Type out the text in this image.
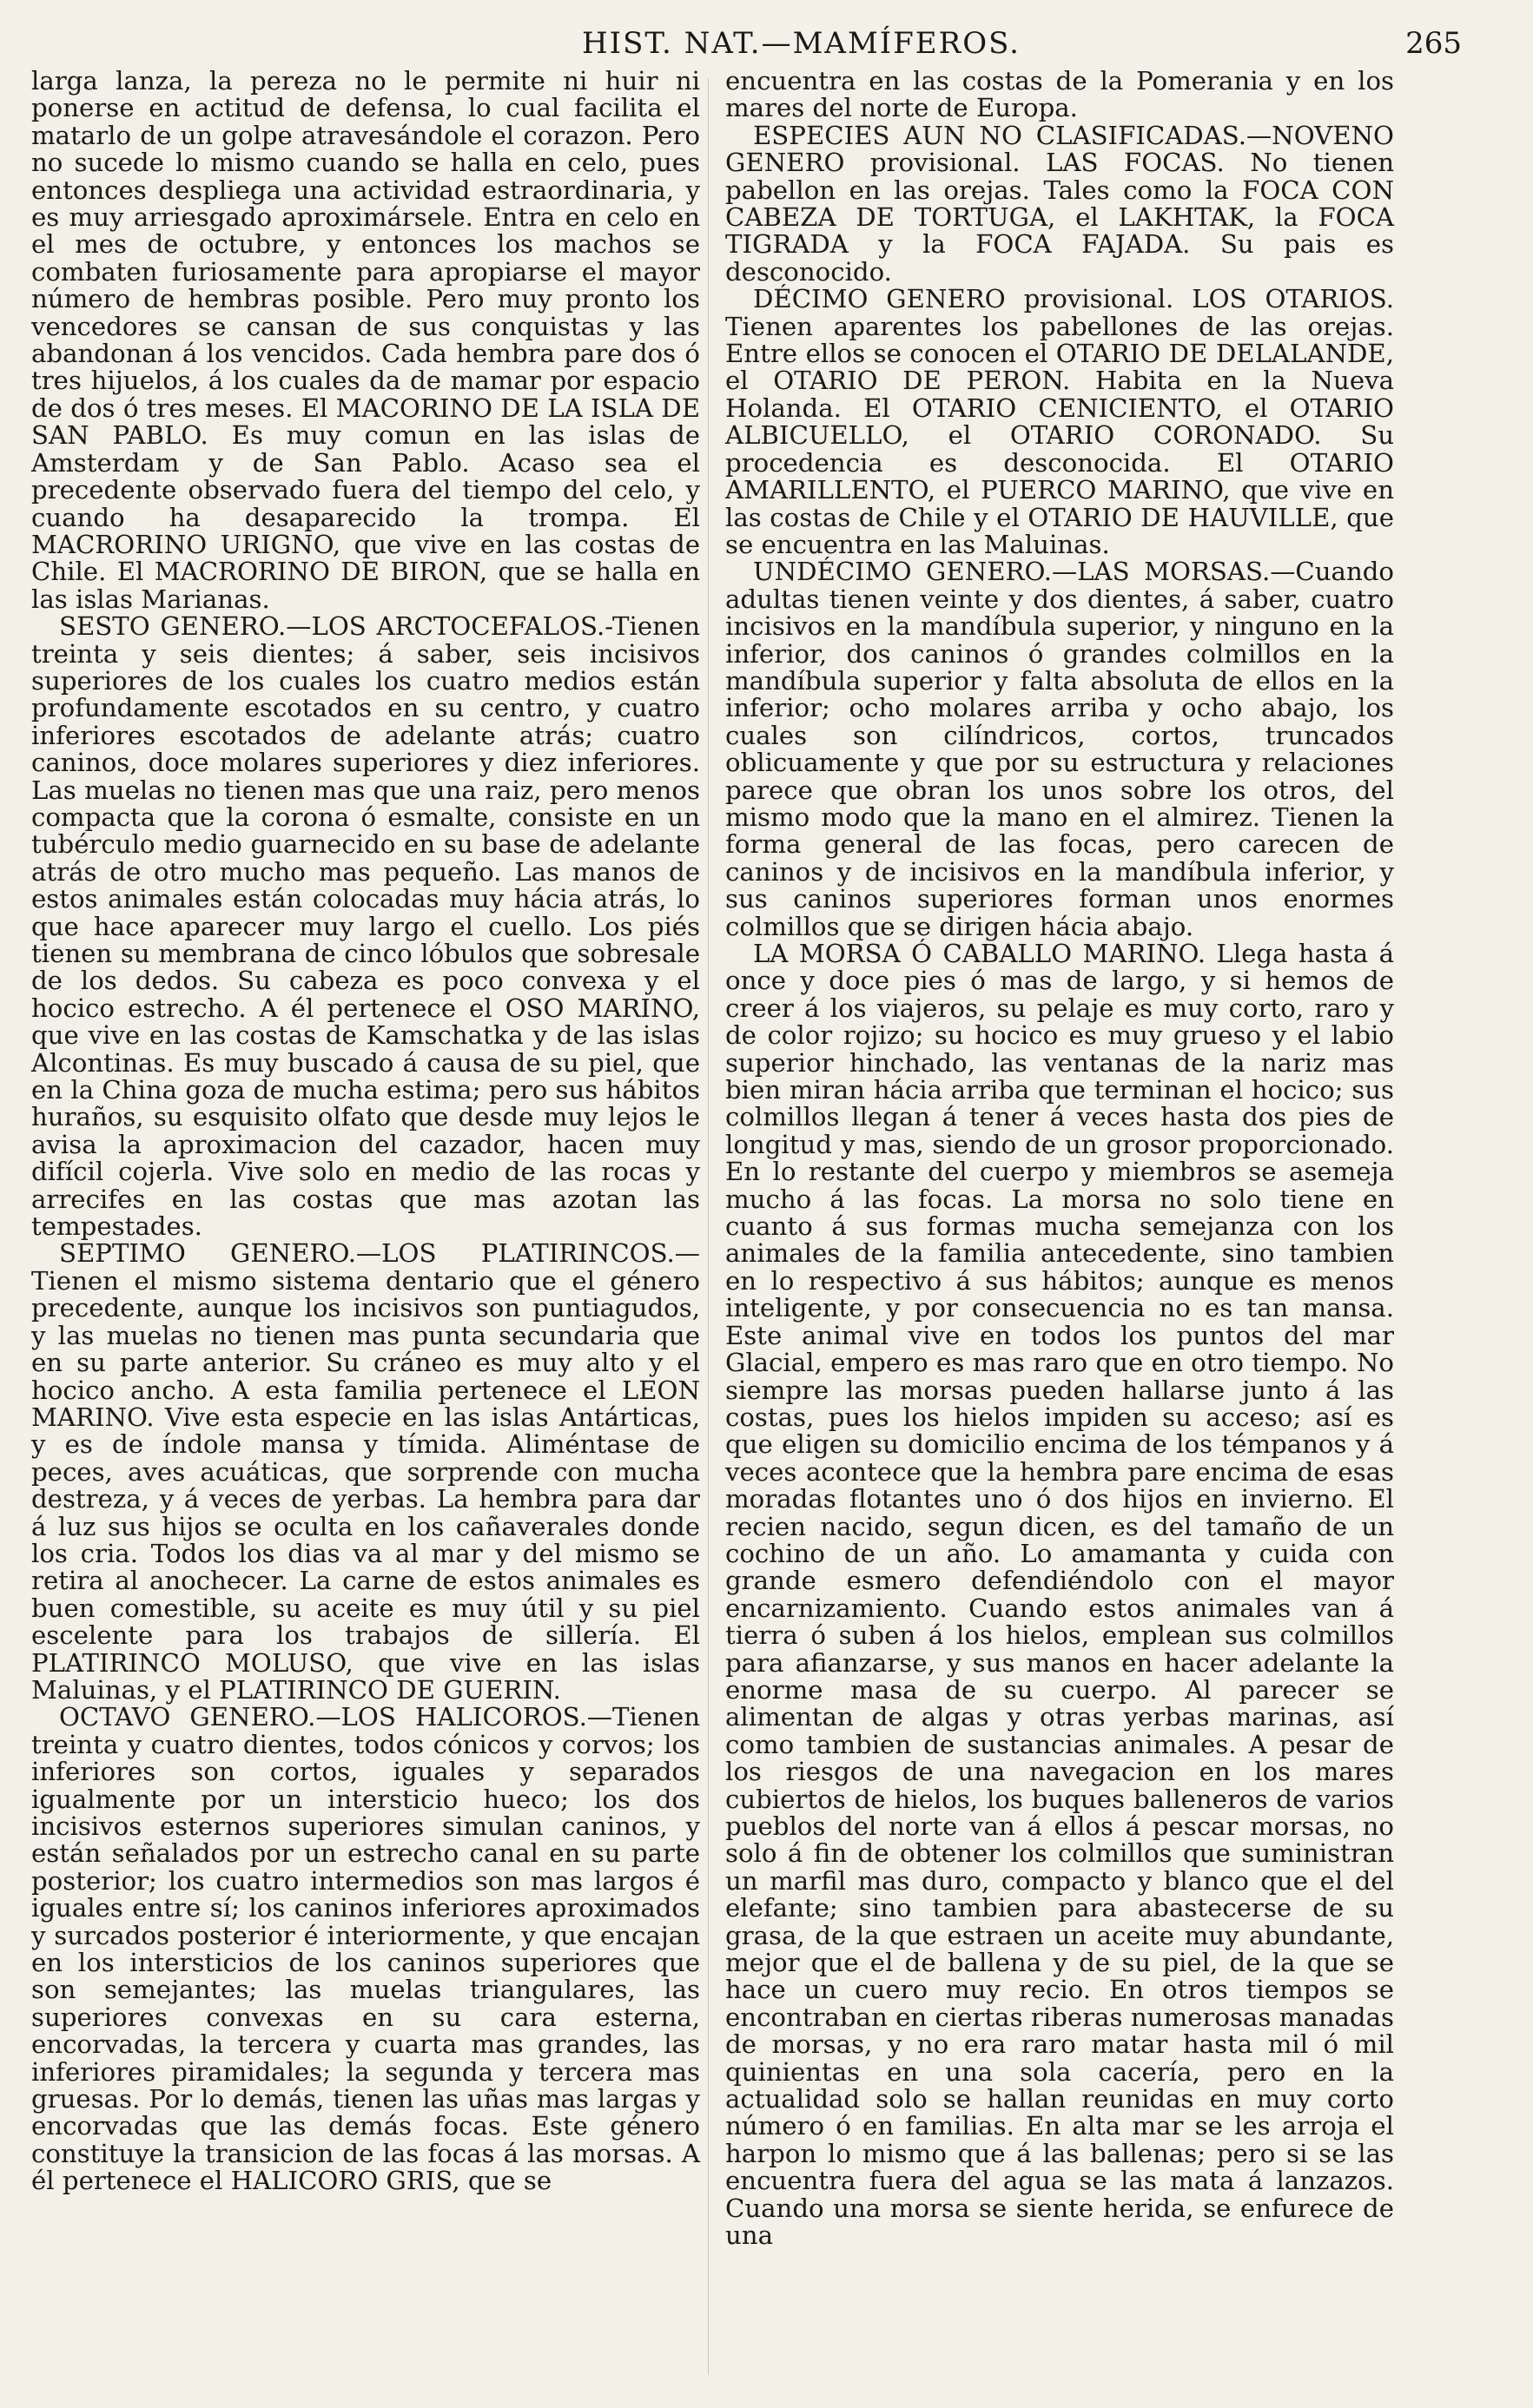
HIST. NAT.—MAMÍFEROS.	265

larga lanza, la pereza no le permite ni huir ni ponerse en actitud de defensa, lo cual facilita el matarlo de un golpe atravesándole el corazon. Pero no sucede lo mismo cuando se halla en celo, pues entonces despliega una actividad estraordinaria, y es muy arriesgado aproximársele. Entra en celo en el mes de octubre, y entonces los machos se combaten furiosamente para apropiarse el mayor número de hembras posible. Pero muy pronto los vencedores se cansan de sus conquistas y las abandonan á los vencidos. Cada hembra pare dos ó tres hijuelos, á los cuales da de mamar por espacio de dos ó tres meses. El MACORINO DE LA ISLA DE SAN PABLO. Es muy comun en las islas de Amsterdam y de San Pablo. Acaso sea el precedente observado fuera del tiempo del celo, y cuando ha desaparecido la trompa. El MACRORINO URIGNO, que vive en las costas de Chile. El MACRORINO DE BIRON, que se halla en las islas Marianas.

SESTO GENERO.—LOS ARCTOCEFALOS.-Tienen treinta y seis dientes; á saber, seis incisivos superiores de los cuales los cuatro medios están profundamente escotados en su centro, y cuatro inferiores escotados de adelante atrás; cuatro caninos, doce molares superiores y diez inferiores. Las muelas no tienen mas que una raiz, pero menos compacta que la corona ó esmalte, consiste en un tubérculo medio guarnecido en su base de adelante atrás de otro mucho mas pequeño. Las manos de estos animales están colocadas muy hácia atrás, lo que hace aparecer muy largo el cuello. Los piés tienen su membrana de cinco lóbulos que sobresale de los dedos. Su cabeza es poco convexa y el hocico estrecho. A él pertenece el OSO MARINO, que vive en las costas de Kamschatka y de las islas Alcontinas. Es muy buscado á causa de su piel, que en la China goza de mucha estima; pero sus hábitos huraños, su esquisito olfato que desde muy lejos le avisa la aproximacion del cazador, hacen muy difícil cojerla. Vive solo en medio de las rocas y arrecifes en las costas que mas azotan las tempestades.

SEPTIMO GENERO.—LOS PLATIRINCOS.—Tienen el mismo sistema dentario que el género precedente, aunque los incisivos son puntiagudos, y las muelas no tienen mas punta secundaria que en su parte anterior. Su cráneo es muy alto y el hocico ancho. A esta familia pertenece el LEON MARINO. Vive esta especie en las islas Antárticas, y es de índole mansa y tímida. Aliméntase de peces, aves acuáticas, que sorprende con mucha destreza, y á veces de yerbas. La hembra para dar á luz sus hijos se oculta en los cañaverales donde los cria. Todos los dias va al mar y del mismo se retira al anochecer. La carne de estos animales es buen comestible, su aceite es muy útil y su piel escelente para los trabajos de sillería. El PLATIRINCO MOLUSO, que vive en las islas Maluinas, y el PLATIRINCO DE GUERIN.

OCTAVO GENERO.—LOS HALICOROS.—Tienen treinta y cuatro dientes, todos cónicos y corvos; los inferiores son cortos, iguales y separados igualmente por un intersticio hueco; los dos incisivos esternos superiores simulan caninos, y están señalados por un estrecho canal en su parte posterior; los cuatro intermedios son mas largos é iguales entre sí; los caninos inferiores aproximados y surcados posterior é interiormente, y que encajan en los intersticios de los caninos superiores que son semejantes; las muelas triangulares, las superiores convexas en su cara esterna, encorvadas, la tercera y cuarta mas grandes, las inferiores piramidales; la segunda y tercera mas gruesas. Por lo demás, tienen las uñas mas largas y encorvadas que las demás focas. Este género constituye la transicion de las focas á las morsas. A él pertenece el HALICORO GRIS, que se

encuentra en las costas de la Pomerania y en los mares del norte de Europa.

ESPECIES AUN NO CLASIFICADAS.—NOVENO GENERO provisional. LAS FOCAS. No tienen pabellon en las orejas. Tales como la FOCA CON CABEZA DE TORTUGA, el LAKHTAK, la FOCA TIGRADA y la FOCA FAJADA. Su pais es desconocido.

DÉCIMO GENERO provisional. LOS OTARIOS. Tienen aparentes los pabellones de las orejas. Entre ellos se conocen el OTARIO DE DELALANDE, el OTARIO DE PERON. Habita en la Nueva Holanda. El OTARIO CENICIENTO, el OTARIO ALBICUELLO, el OTARIO CORONADO. Su procedencia es desconocida. El OTARIO AMARILLENTO, el PUERCO MARINO, que vive en las costas de Chile y el OTARIO DE HAUVILLE, que se encuentra en las Maluinas.

UNDÉCIMO GENERO.—LAS MORSAS.—Cuando adultas tienen veinte y dos dientes, á saber, cuatro incisivos en la mandíbula superior, y ninguno en la inferior, dos caninos ó grandes colmillos en la mandíbula superior y falta absoluta de ellos en la inferior; ocho molares arriba y ocho abajo, los cuales son cilíndricos, cortos, truncados oblicuamente y que por su estructura y relaciones parece que obran los unos sobre los otros, del mismo modo que la mano en el almirez. Tienen la forma general de las focas, pero carecen de caninos y de incisivos en la mandíbula inferior, y sus caninos superiores forman unos enormes colmillos que se dirigen hácia abajo.

LA MORSA Ó CABALLO MARINO. Llega hasta á once y doce pies ó mas de largo, y si hemos de creer á los viajeros, su pelaje es muy corto, raro y de color rojizo; su hocico es muy grueso y el labio superior hinchado, las ventanas de la nariz mas bien miran hácia arriba que terminan el hocico; sus colmillos llegan á tener á veces hasta dos pies de longitud y mas, siendo de un grosor proporcionado. En lo restante del cuerpo y miembros se asemeja mucho á las focas. La morsa no solo tiene en cuanto á sus formas mucha semejanza con los animales de la familia antecedente, sino tambien en lo respectivo á sus hábitos; aunque es menos inteligente, y por consecuencia no es tan mansa. Este animal vive en todos los puntos del mar Glacial, empero es mas raro que en otro tiempo. No siempre las morsas pueden hallarse junto á las costas, pues los hielos impiden su acceso; así es que eligen su domicilio encima de los témpanos y á veces acontece que la hembra pare encima de esas moradas flotantes uno ó dos hijos en invierno. El recien nacido, segun dicen, es del tamaño de un cochino de un año. Lo amamanta y cuida con grande esmero defendiéndolo con el mayor encarnizamiento. Cuando estos animales van á tierra ó suben á los hielos, emplean sus colmillos para afianzarse, y sus manos en hacer adelante la enorme masa de su cuerpo. Al parecer se alimentan de algas y otras yerbas marinas, así como tambien de sustancias animales. A pesar de los riesgos de una navegacion en los mares cubiertos de hielos, los buques balleneros de varios pueblos del norte van á ellos á pescar morsas, no solo á fin de obtener los colmillos que suministran un marfil mas duro, compacto y blanco que el del elefante; sino tambien para abastecerse de su grasa, de la que estraen un aceite muy abundante, mejor que el de ballena y de su piel, de la que se hace un cuero muy recio. En otros tiempos se encontraban en ciertas riberas numerosas manadas de morsas, y no era raro matar hasta mil ó mil quinientas en una sola cacería, pero en la actualidad solo se hallan reunidas en muy corto número ó en familias. En alta mar se les arroja el harpon lo mismo que á las ballenas; pero si se las encuentra fuera del agua se las mata á lanzazos. Cuando una morsa se siente herida, se enfurece de una
